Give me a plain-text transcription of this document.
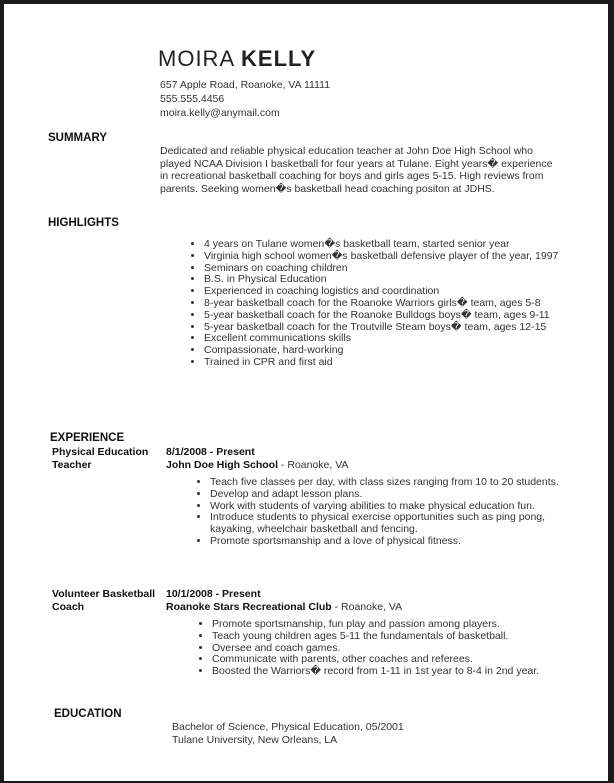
MOIRA KELLY
657 Apple Road, Roanoke, VA 11111
555.555.4456
moira.kelly@anymail.com
SUMMARY
Dedicated and reliable physical education teacher at John Doe High School who played NCAA Division I basketball for four years at Tulane. Eight years� experience in recreational basketball coaching for boys and girls ages 5-15. High reviews from parents. Seeking women�s basketball head coaching positon at JDHS.
HIGHLIGHTS
• 4 years on Tulane women�s basketball team, started senior year
• Virginia high school women�s basketball defensive player of the year, 1997
• Seminars on coaching children
• B.S. in Physical Education
• Experienced in coaching logistics and coordination
• 8-year basketball coach for the Roanoke Warriors girls� team, ages 5-8
• 5-year basketball coach for the Roanoke Bulldogs boys� team, ages 9-11
• 5-year basketball coach for the Troutville Steam boys� team, ages 12-15
• Excellent communications skills
• Compassionate, hard-working
• Trained in CPR and first aid
EXPERIENCE
Physical Education Teacher
8/1/2008 - Present
John Doe High School - Roanoke, VA
• Teach five classes per day, with class sizes ranging from 10 to 20 students.
• Develop and adapt lesson plans.
• Work with students of varying abilities to make physical education fun.
• Introduce students to physical exercise opportunities such as ping pong, kayaking, wheelchair basketball and fencing.
• Promote sportsmanship and a love of physical fitness.
Volunteer Basketball Coach
10/1/2008 - Present
Roanoke Stars Recreational Club - Roanoke, VA
• Promote sportsmanship, fun play and passion among players.
• Teach young children ages 5-11 the fundamentals of basketball.
• Oversee and coach games.
• Communicate with parents, other coaches and referees.
• Boosted the Warriors� record from 1-11 in 1st year to 8-4 in 2nd year.
EDUCATION
Bachelor of Science, Physical Education, 05/2001
Tulane University, New Orleans, LA
